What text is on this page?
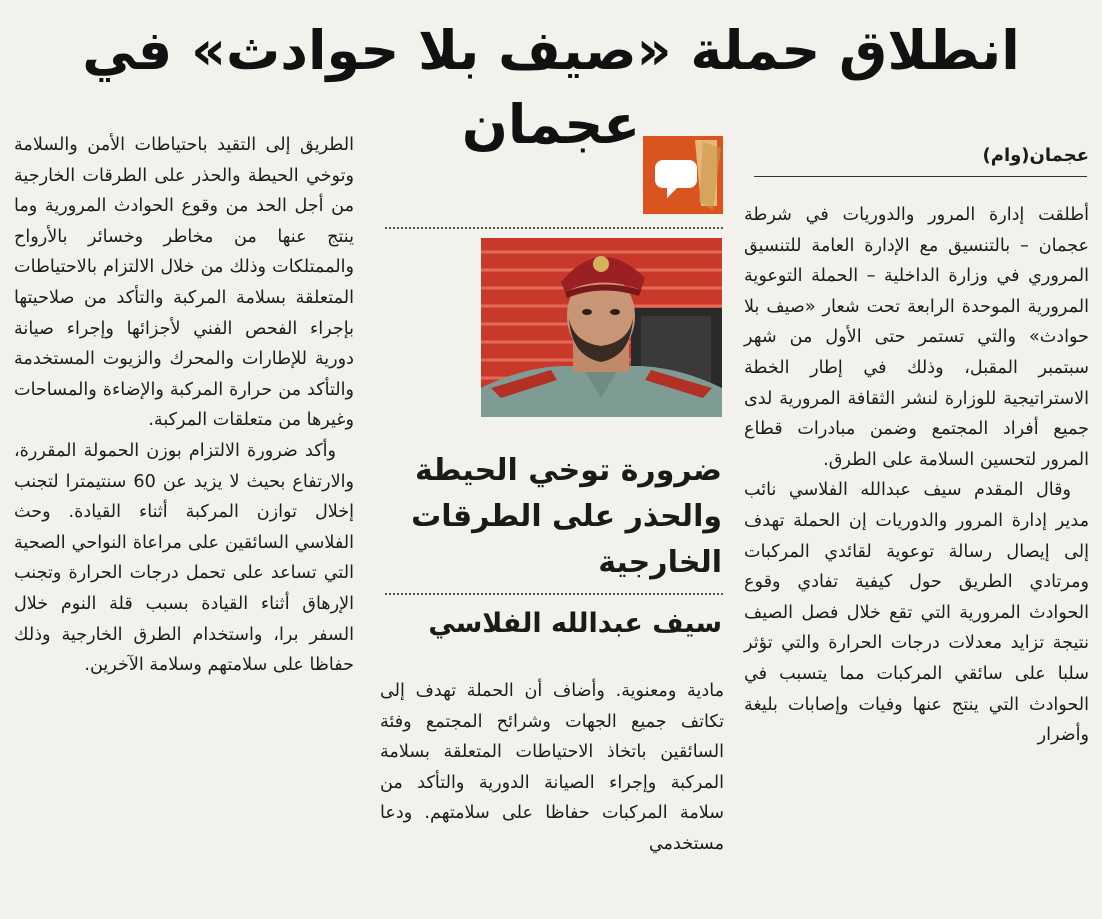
انطلاق حملة «صيف بلا حوادث» في عجمان	عجمان(وام)

أطلقت إدارة المرور والدوريات في شرطة عجمان – بالتنسيق مع الإدارة العامة للتنسيق المروري في وزارة الداخلية – الحملة التوعوية المرورية الموحدة الرابعة تحت شعار «صيف بلا حوادث» والتي تستمر حتى الأول من شهر سبتمبر المقبل، وذلك في إطار الخطة الاستراتيجية للوزارة لنشر الثقافة المرورية لدى جميع أفراد المجتمع وضمن مبادرات قطاع المرور لتحسين السلامة على الطرق.

وقال المقدم سيف عبدالله الفلاسي نائب مدير إدارة المرور والدوريات إن الحملة تهدف إلى إيصال رسالة توعوية لقائدي المركبات ومرتادي الطريق حول كيفية تفادي وقوع الحوادث المرورية التي تقع خلال فصل الصيف نتيجة تزايد معدلات درجات الحرارة والتي تؤثر سلبا على سائقي المركبات مما يتسبب في الحوادث التي ينتج عنها وفيات وإصابات بليغة وأضرار

ضرورة توخي الحيطة والحذر على الطرقات الخارجية
سيف عبدالله الفلاسي

مادية ومعنوية. وأضاف أن الحملة تهدف إلى تكاتف جميع الجهات وشرائح المجتمع وفئة السائقين باتخاذ الاحتياطات المتعلقة بسلامة المركبة وإجراء الصيانة الدورية والتأكد من سلامة المركبات حفاظا على سلامتهم. ودعا مستخدمي

الطريق إلى التقيد باحتياطات الأمن والسلامة وتوخي الحيطة والحذر على الطرقات الخارجية من أجل الحد من وقوع الحوادث المرورية وما ينتج عنها من مخاطر وخسائر بالأرواح والممتلكات وذلك من خلال الالتزام بالاحتياطات المتعلقة بسلامة المركبة والتأكد من صلاحيتها بإجراء الفحص الفني لأجزائها وإجراء صيانة دورية للإطارات والمحرك والزيوت المستخدمة والتأكد من حرارة المركبة والإضاءة والمساحات وغيرها من متعلقات المركبة.

وأكد ضرورة الالتزام بوزن الحمولة المقررة، والارتفاع بحيث لا يزيد عن 60 سنتيمترا لتجنب إخلال توازن المركبة أثناء القيادة. وحث الفلاسي السائقين على مراعاة النواحي الصحية التي تساعد على تحمل درجات الحرارة وتجنب الإرهاق أثناء القيادة بسبب قلة النوم خلال السفر برا، واستخدام الطرق الخارجية وذلك حفاظا على سلامتهم وسلامة الآخرين.
